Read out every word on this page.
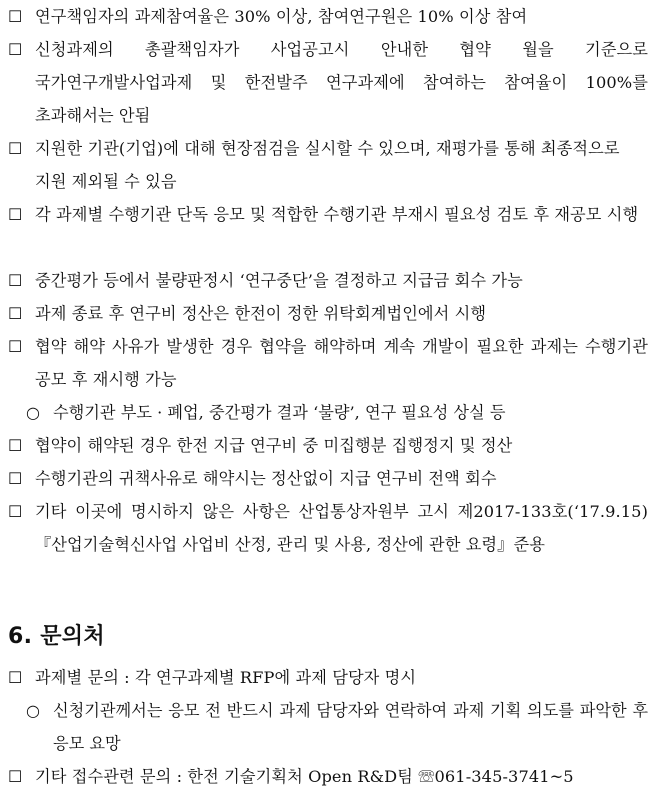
☐ 연구책임자의 과제참여율은 30% 이상, 참여연구원은 10% 이상 참여
☐ 신청과제의 총괄책임자가 사업공고시 안내한 협약 월을 기준으로 국가연구개발사업과제 및 한전발주 연구과제에 참여하는 참여율이 100%를 초과해서는 안됨
☐ 지원한 기관(기업)에 대해 현장점검을 실시할 수 있으며, 재평가를 통해 최종적으로 지원 제외될 수 있음
☐ 각 과제별 수행기관 단독 응모 및 적합한 수행기관 부재시 필요성 검토 후 재공모 시행
☐ 중간평가 등에서 불량판정시 ‘연구중단’을 결정하고 지급금 회수 가능
☐ 과제 종료 후 연구비 정산은 한전이 정한 위탁회계법인에서 시행
☐ 협약 해약 사유가 발생한 경우 협약을 해약하며 계속 개발이 필요한 과제는 수행기관 공모 후 재시행 가능
○ 수행기관 부도 · 폐업, 중간평가 결과 ‘불량’, 연구 필요성 상실 등
☐ 협약이 해약된 경우 한전 지급 연구비 중 미집행분 집행정지 및 정산
☐ 수행기관의 귀책사유로 해약시는 정산없이 지급 연구비 전액 회수
☐ 기타 이곳에 명시하지 않은 사항은 산업통상자원부 고시 제2017-133호(‘17.9.15)『산업기술혁신사업 사업비 산정, 관리 및 사용, 정산에 관한 요령』준용
6. 문의처
☐ 과제별 문의 : 각 연구과제별 RFP에 과제 담당자 명시
○ 신청기관께서는 응모 전 반드시 과제 담당자와 연락하여 과제 기획 의도를 파악한 후 응모 요망
☐ 기타 접수관련 문의 : 한전 기술기획처 Open R&D팀 ☏061-345-3741~5
